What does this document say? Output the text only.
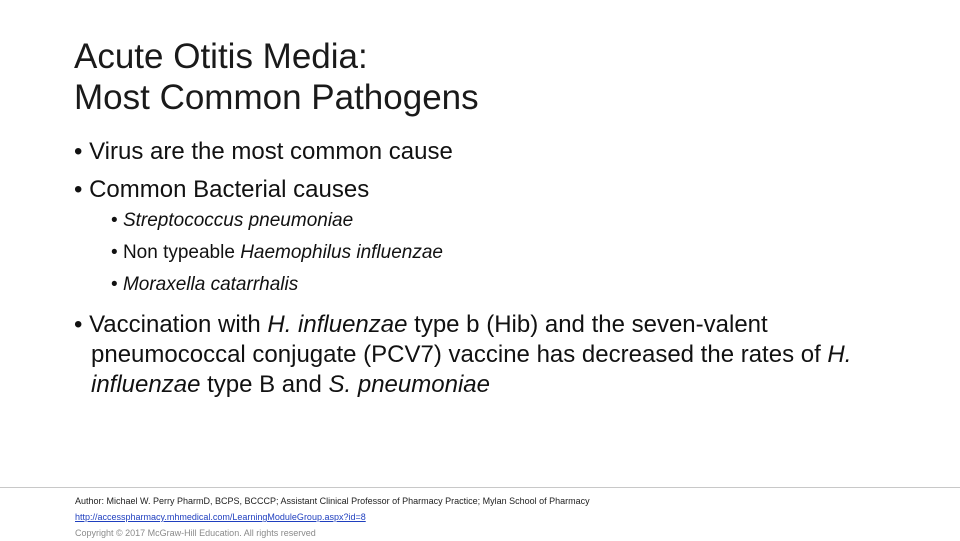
Acute Otitis Media:
Most Common Pathogens
• Virus are the most common cause
• Common Bacterial causes
• Streptococcus pneumoniae
• Non typeable Haemophilus influenzae
• Moraxella catarrhalis
• Vaccination with H. influenzae type b (Hib) and the seven-valent pneumococcal conjugate (PCV7) vaccine has decreased the rates of H. influenzae type B and S. pneumoniae
Author: Michael W. Perry PharmD, BCPS, BCCCP; Assistant Clinical Professor of Pharmacy Practice; Mylan School of Pharmacy
http://accesspharmacy.mhmedical.com/LearningModuleGroup.aspx?id=8
Copyright © 2017 McGraw-Hill Education. All rights reserved
